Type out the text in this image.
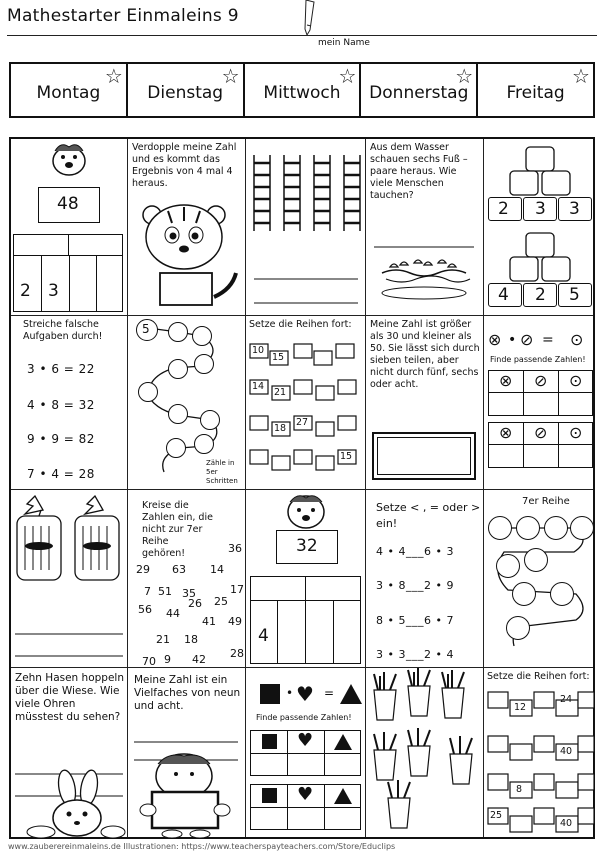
Mathestarter Einmaleins 9
mein Name
Montag
☆
Dienstag
☆
Mittwoch
☆
Donnerstag
☆
Freitag
☆
48
2 3
Verdopple meine Zahl und es kommt das Ergebnis von 4 mal 4 heraus.
Aus dem Wasser schauen sechs Fuß – paare heraus. Wie viele Menschen tauchen?
2 3 3
4 2 5
Streiche falsche Aufgaben durch!
3 • 6 = 22
4 • 8 = 32
9 • 9 = 82
7 • 4 = 28
5
Zähle in 5er Schritten
Setze die Reihen fort:
10
15
14
21
27
18
15
Meine Zahl ist größer als 30 und kleiner als 50. Sie lässt sich durch sieben teilen, aber nicht durch fünf, sechs oder acht.
⊗ • ⊘ = ⊙
Finde passende Zahlen!
⊗ ⊘ ⊙
⊗ ⊘ ⊙
Kreise die Zahlen ein, die nicht zur 7er Reihe gehören!	36
29 63 14
7 51 35	17
25
26
56 44
41 49
21 18
28
70 9 42
32
4
Setze < , = oder > ein!
4 • 4___6 • 3
3 • 8___2 • 9
8 • 5___6 • 7
3 • 3___2 • 4
7er Reihe
Zehn Hasen hoppeln über die Wiese. Wie viele Ohren müsstest du sehen?
Meine Zahl ist ein Vielfaches von neun und acht.
• ♥ =
Finde passende Zahlen!
♥
♥
Setze die Reihen fort:
12
24
40
8
25
40
www.zauberereinmaleins.de Illustrationen: https://www.teacherspayteachers.com/Store/Educlips
